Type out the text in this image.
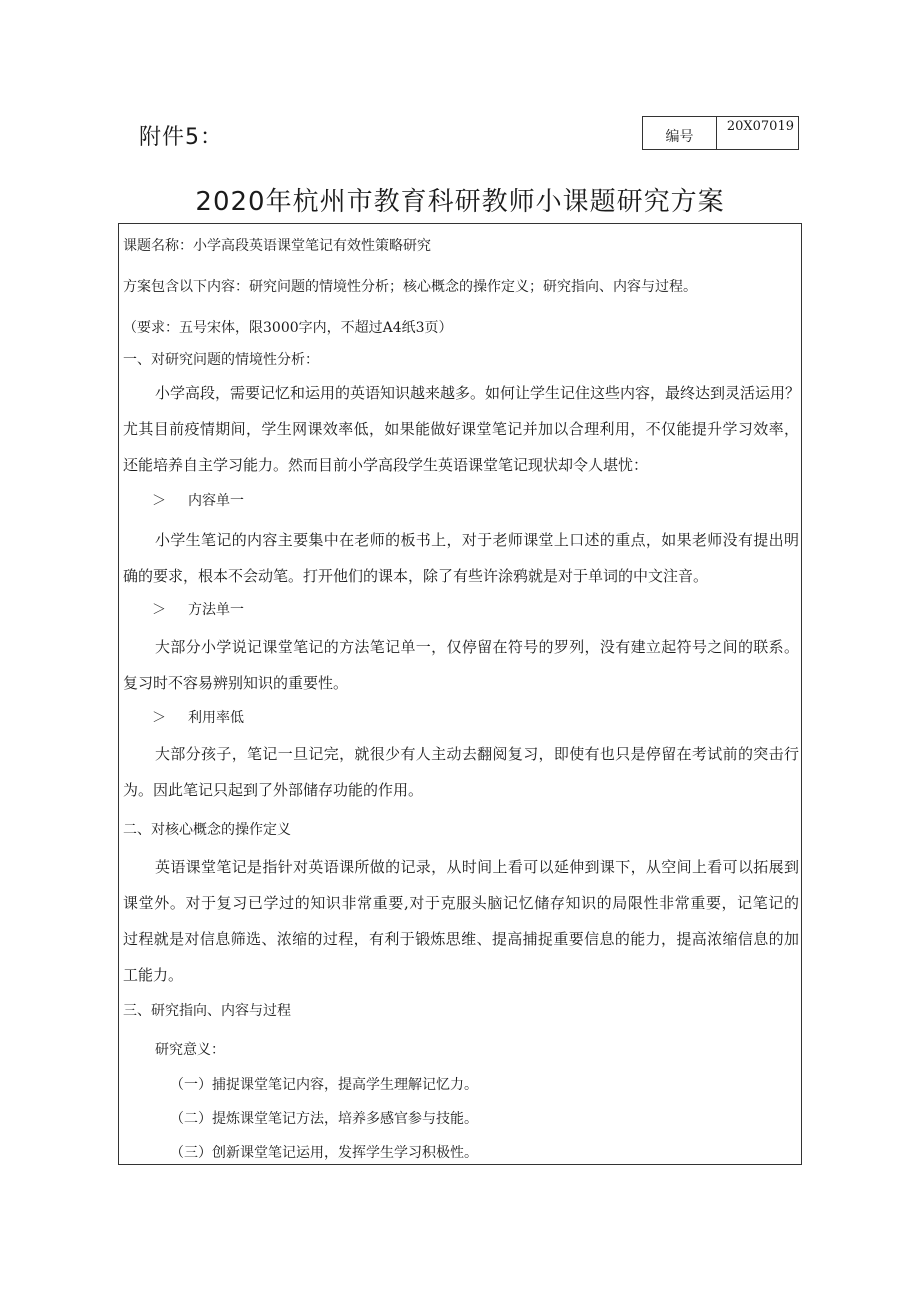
附件5：	编号
20X07019
2020年杭州市教育科研教师小课题研究方案
课题名称：小学高段英语课堂笔记有效性策略研究
方案包含以下内容：研究问题的情境性分析；核心概念的操作定义；研究指向、内容与过程。
（要求：五号宋体，限3000字内，不超过A4纸3页）
一、对研究问题的情境性分析：
小学高段，需要记忆和运用的英语知识越来越多。如何让学生记住这些内容，最终达到灵活运用？
尤其目前疫情期间，学生网课效率低，如果能做好课堂笔记并加以合理利用，不仅能提升学习效率，
还能培养自主学习能力。然而目前小学高段学生英语课堂笔记现状却令人堪忧：
＞ 内容单一
小学生笔记的内容主要集中在老师的板书上，对于老师课堂上口述的重点，如果老师没有提出明
确的要求，根本不会动笔。打开他们的课本，除了有些许涂鸦就是对于单词的中文注音。
＞ 方法单一
大部分小学说记课堂笔记的方法笔记单一，仅停留在符号的罗列，没有建立起符号之间的联系。
复习时不容易辨别知识的重要性。
＞ 利用率低
大部分孩子，笔记一旦记完，就很少有人主动去翻阅复习，即使有也只是停留在考试前的突击行
为。因此笔记只起到了外部储存功能的作用。
二、对核心概念的操作定义
英语课堂笔记是指针对英语课所做的记录，从时间上看可以延伸到课下，从空间上看可以拓展到
课堂外。对于复习已学过的知识非常重要,对于克服头脑记忆储存知识的局限性非常重要，记笔记的
过程就是对信息筛选、浓缩的过程，有利于锻炼思维、提高捕捉重要信息的能力，提高浓缩信息的加
工能力。
三、研究指向、内容与过程
研究意义：
（一）捕捉课堂笔记内容，提高学生理解记忆力。
（二）提炼课堂笔记方法，培养多感官参与技能。
（三）创新课堂笔记运用，发挥学生学习积极性。
